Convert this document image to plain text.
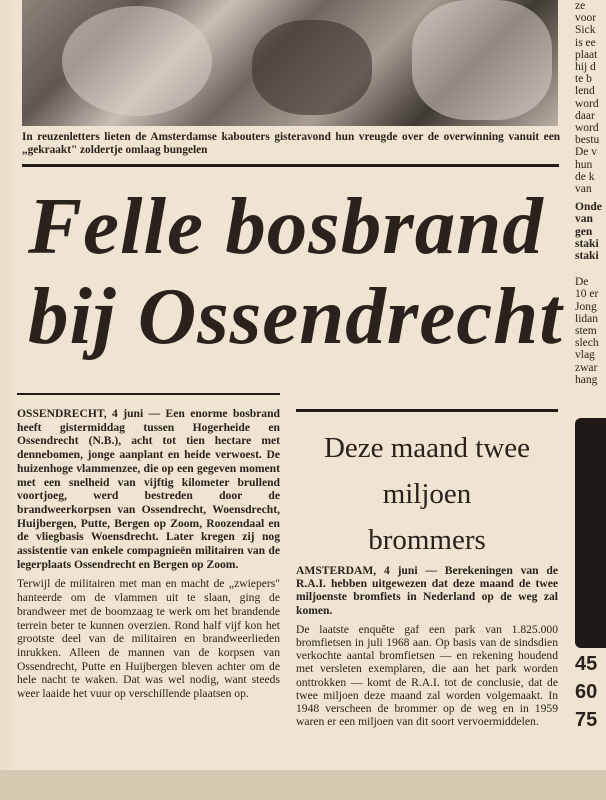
In reuzenletters lieten de Amsterdamse kabouters gisteravond hun vreugde over de overwinning vanuit een „gekraakt" zoldertje omlaag bungelen
Felle bosbrand
bij Ossendrecht

OSSENDRECHT, 4 juni — Een enorme bosbrand heeft gistermiddag tussen Hogerheide en Ossendrecht (N.B.), acht tot tien hectare met dennebomen, jonge aanplant en heide verwoest. De huizenhoge vlammenzee, die op een gegeven moment met een snelheid van vijftig kilometer brullend voortjoeg, werd bestreden door de brandweerkorpsen van Ossendrecht, Woensdrecht, Huijbergen, Putte, Bergen op Zoom, Roozendaal en de vliegbasis Woensdrecht. Later kregen zij nog assistentie van enkele compagnieën militairen van de legerplaats Ossendrecht en Bergen op Zoom.

Terwijl de militairen met man en macht de „zwiepers" hanteerde om de vlammen uit te slaan, ging de brandweer met de boomzaag te werk om het brandende terrein beter te kunnen overzien. Rond half vijf kon het grootste deel van de militairen en brandweerlieden inrukken. Alleen de mannen van de korpsen van Ossendrecht, Putte en Huijbergen bleven achter om de hele nacht te waken. Dat was wel nodig, want steeds weer laaide het vuur op verschillende plaatsen op.

Deze maand twee
miljoen
brommers

AMSTERDAM, 4 juni — Berekeningen van de R.A.I. hebben uitgewezen dat deze maand de twee miljoenste bromfiets in Nederland op de weg zal komen.

De laatste enquête gaf een park van 1.825.000 bromfietsen in juli 1968 aan. Op basis van de sindsdien verkochte aantal bromfietsen — en rekening houdend met versleten exemplaren, die aan het park worden onttrokken — komt de R.A.I. tot de conclusie, dat de twee miljoen deze maand zal worden volgemaakt. In 1948 verscheen de brommer op de weg en in 1959 waren er een miljoen van dit soort vervoermiddelen.

ze
voor
Sick
is ee
plaat
hij d
te b
lend
word
daar
word
bestu
De v
hun
de k
van
Onde
van
gen
staki
staki
De
10 er
Jong
lidan
stem
slech
vlag
zwar
hang
45
60
75
